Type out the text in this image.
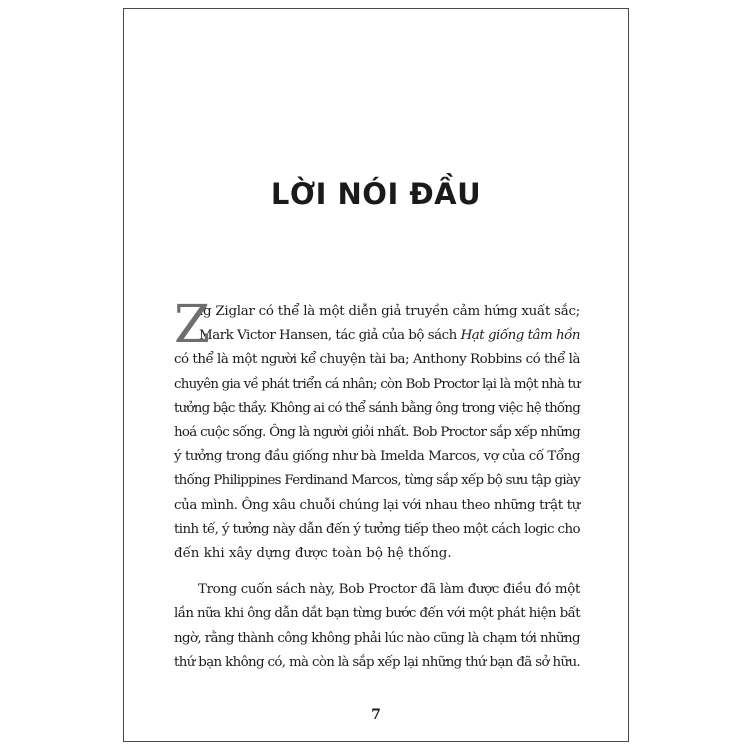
LỜI NÓI ĐẦU
Z
ig Ziglar có thể là một diễn giả truyền cảm hứng xuất sắc;
Mark Victor Hansen, tác giả của bộ sách Hạt giống tâm hồn
có thể là một người kể chuyện tài ba; Anthony Robbins có thể là
chuyên gia về phát triển cá nhân; còn Bob Proctor lại là một nhà tư
tưởng bậc thầy. Không ai có thể sánh bằng ông trong việc hệ thống
hoá cuộc sống. Ông là người giỏi nhất. Bob Proctor sắp xếp những
ý tưởng trong đầu giống như bà Imelda Marcos, vợ của cố Tổng
thống Philippines Ferdinand Marcos, từng sắp xếp bộ sưu tập giày
của mình. Ông xâu chuỗi chúng lại với nhau theo những trật tự
tinh tế, ý tưởng này dẫn đến ý tưởng tiếp theo một cách logic cho
đến khi xây dựng được toàn bộ hệ thống.
Trong cuốn sách này, Bob Proctor đã làm được điều đó một
lần nữa khi ông dẫn dắt bạn từng bước đến với một phát hiện bất
ngờ, rằng thành công không phải lúc nào cũng là chạm tới những
thứ bạn không có, mà còn là sắp xếp lại những thứ bạn đã sở hữu.
7
